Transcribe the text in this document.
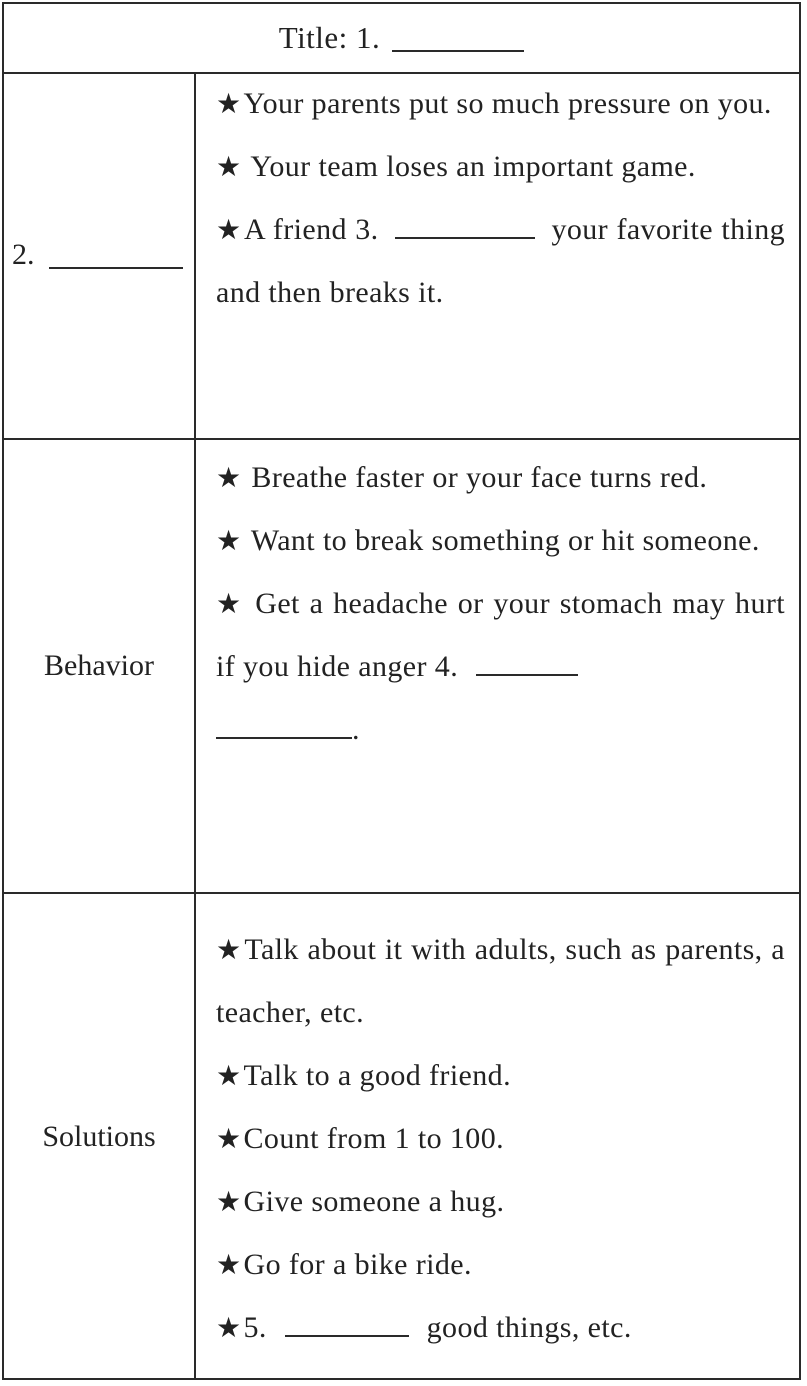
Title: 1.
2.
★Your parents put so much pressure on you.
★ Your team loses an important game.
★A friend 3.	your favorite thing and then breaks it.
Behavior
★ Breathe faster or your face turns red.
★ Want to break something or hit someone.
★ Get a headache or your stomach may hurt if you hide anger 4.
.
Solutions
★Talk about it with adults, such as parents, a teacher, etc.
★Talk to a good friend.
★Count from 1 to 100.
★Give someone a hug.
★Go for a bike ride.
★5.	good things, etc.
